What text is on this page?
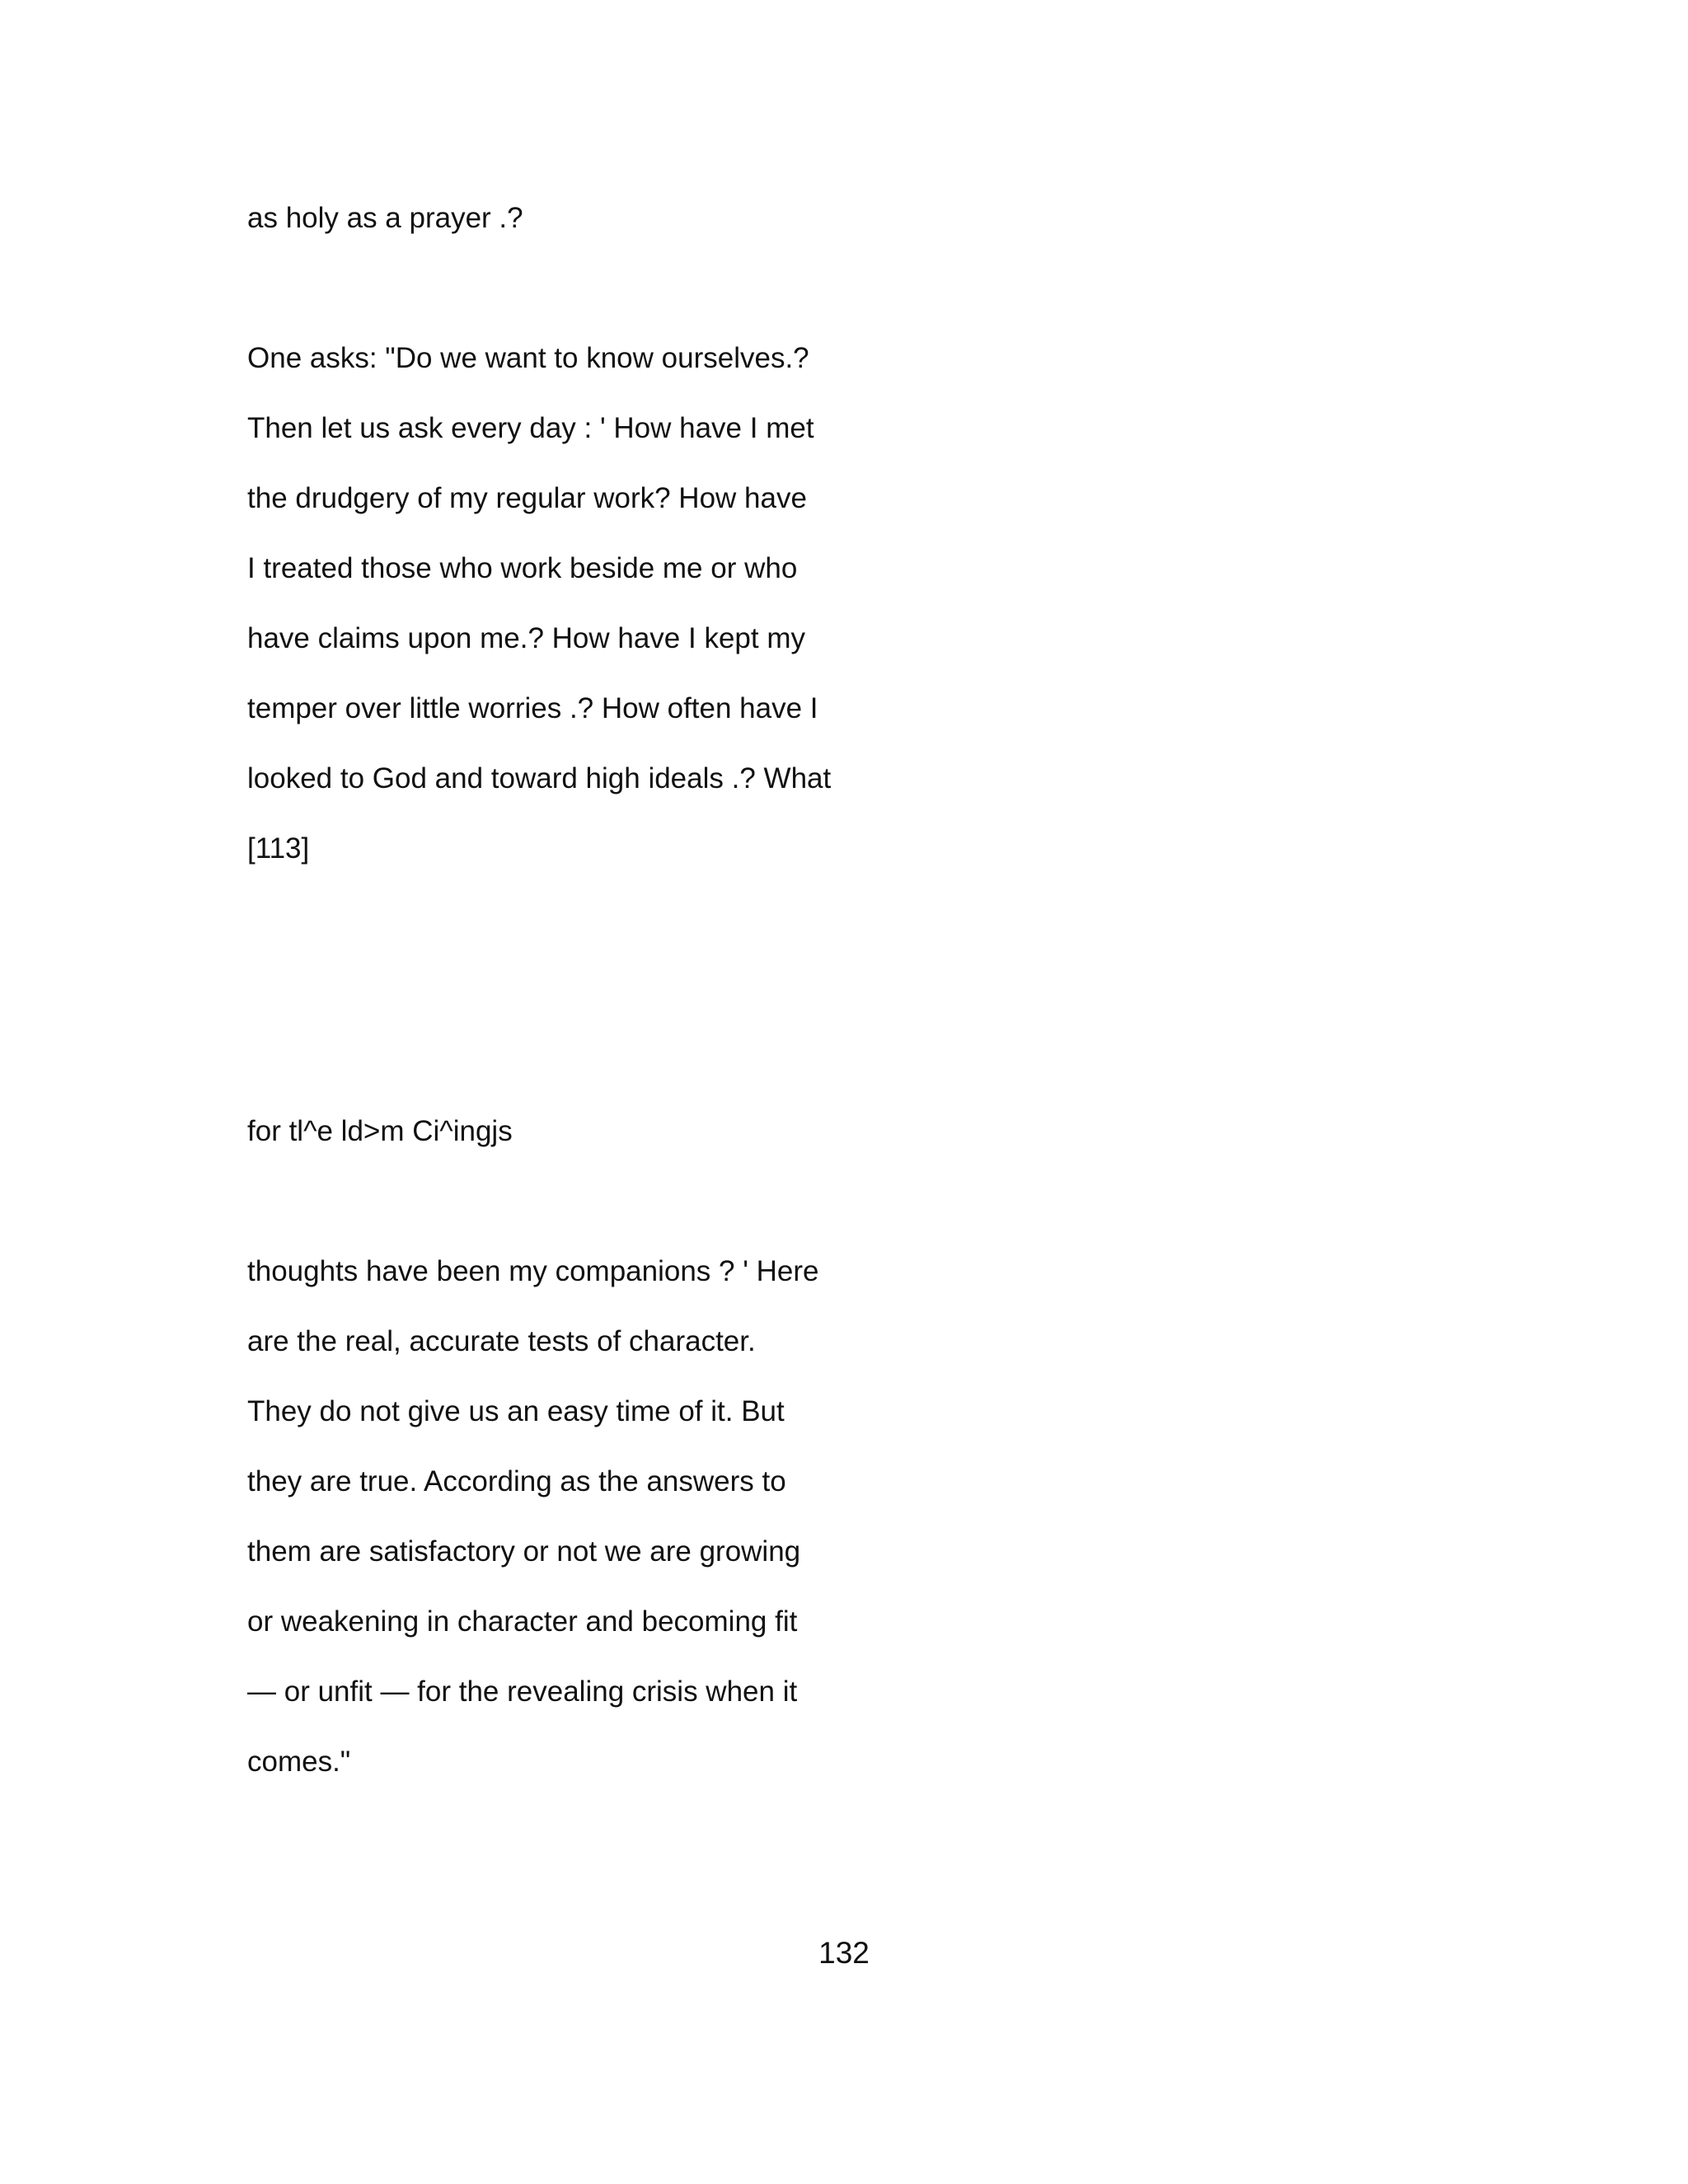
as holy as a prayer .?
One asks: "Do we want to know ourselves.?
Then let us ask every day : ' How have I met
the drudgery of my regular work? How have
I treated those who work beside me or who
have claims upon me.? How have I kept my
temper over little worries .? How often have I
looked to God and toward high ideals .? What
[113]
for tl^e ld>m Ci^ingjs
thoughts have been my companions ? ' Here
are the real, accurate tests of character.
They do not give us an easy time of it. But
they are true. According as the answers to
them are satisfactory or not we are growing
or weakening in character and becoming fit
— or unfit — for the revealing crisis when it
comes."
132
